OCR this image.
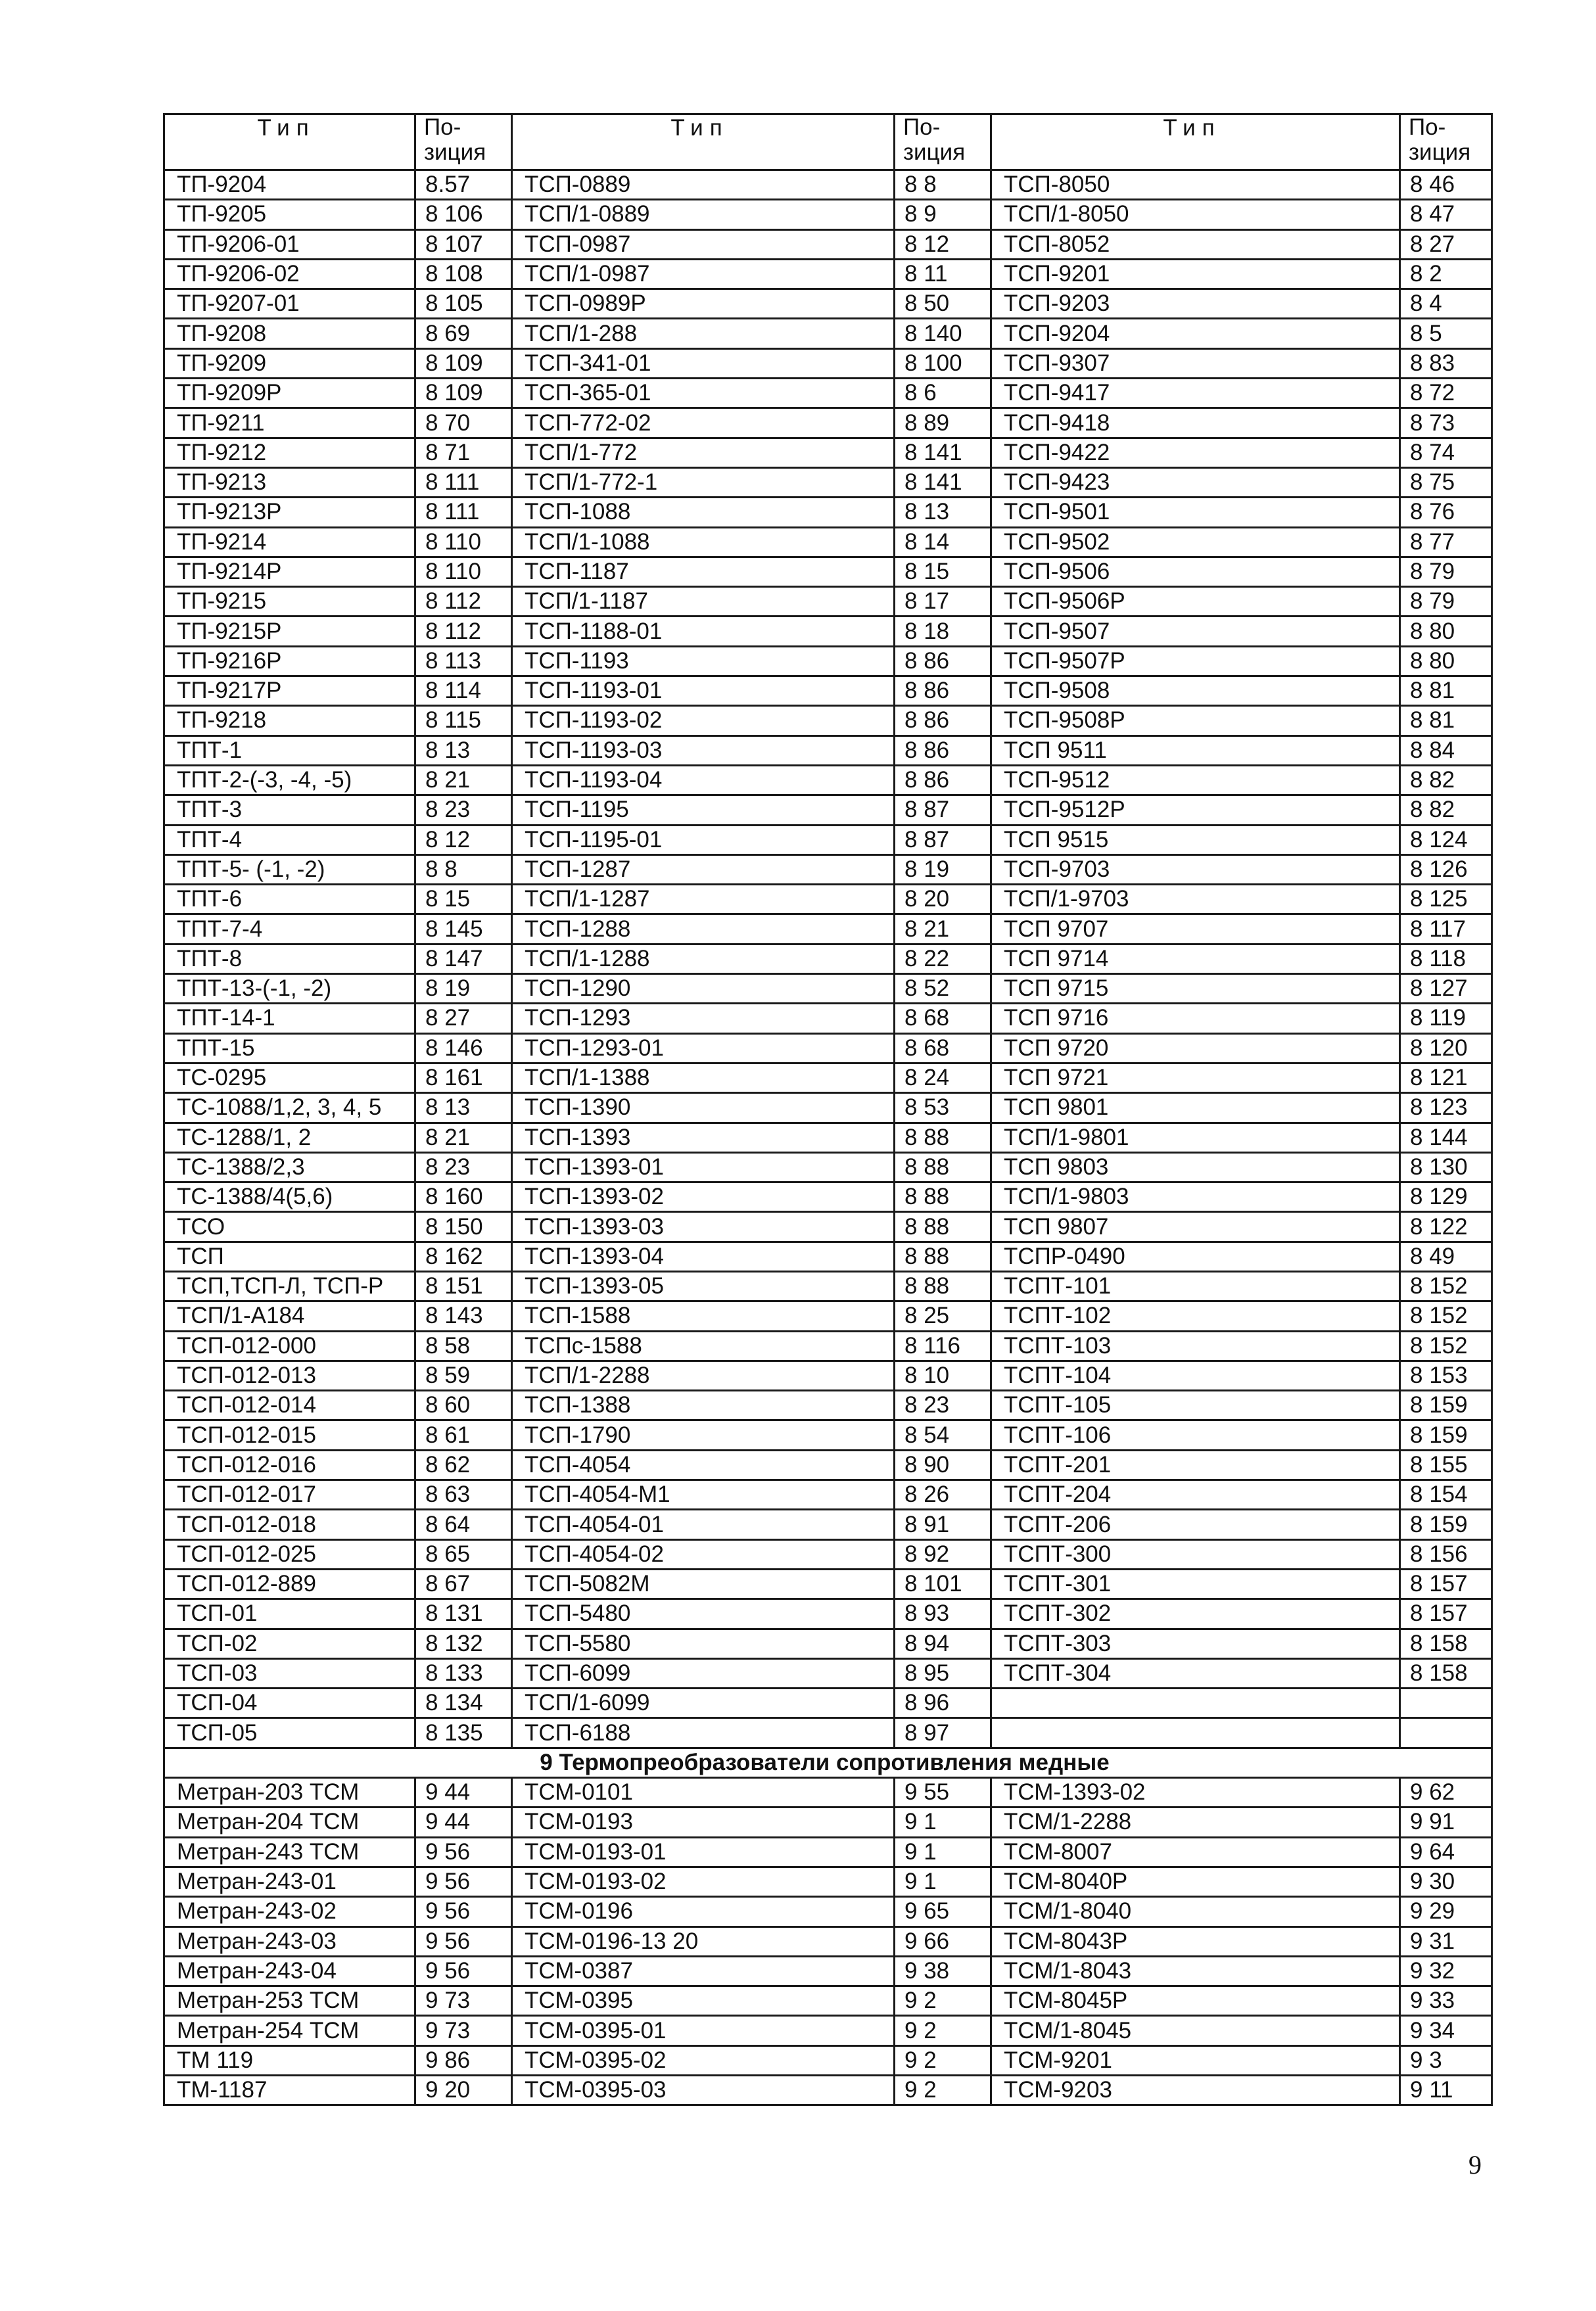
Тип	По-
зиция	Тип	По-
зиция	Тип	По-
зиция

ТП-9204	8.57	ТСП-0889	8 8	ТСП-8050	8 46
ТП-9205	8 106	ТСП/1-0889	8 9	ТСП/1-8050	8 47
ТП-9206-01	8 107	ТСП-0987	8 12	ТСП-8052	8 27
ТП-9206-02	8 108	ТСП/1-0987	8 11	ТСП-9201	8 2
ТП-9207-01	8 105	ТСП-0989Р	8 50	ТСП-9203	8 4
ТП-9208	8 69	ТСП/1-288	8 140	ТСП-9204	8 5
ТП-9209	8 109	ТСП-341-01	8 100	ТСП-9307	8 83
ТП-9209Р	8 109	ТСП-365-01	8 6	ТСП-9417	8 72
ТП-9211	8 70	ТСП-772-02	8 89	ТСП-9418	8 73
ТП-9212	8 71	ТСП/1-772	8 141	ТСП-9422	8 74
ТП-9213	8 111	ТСП/1-772-1	8 141	ТСП-9423	8 75
ТП-9213Р	8 111	ТСП-1088	8 13	ТСП-9501	8 76
ТП-9214	8 110	ТСП/1-1088	8 14	ТСП-9502	8 77
ТП-9214Р	8 110	ТСП-1187	8 15	ТСП-9506	8 79
ТП-9215	8 112	ТСП/1-1187	8 17	ТСП-9506Р	8 79
ТП-9215Р	8 112	ТСП-1188-01	8 18	ТСП-9507	8 80
ТП-9216Р	8 113	ТСП-1193	8 86	ТСП-9507Р	8 80
ТП-9217Р	8 114	ТСП-1193-01	8 86	ТСП-9508	8 81
ТП-9218	8 115	ТСП-1193-02	8 86	ТСП-9508Р	8 81
ТПТ-1	8 13	ТСП-1193-03	8 86	ТСП 9511	8 84
ТПТ-2-(-3, -4, -5)	8 21	ТСП-1193-04	8 86	ТСП-9512	8 82
ТПТ-3	8 23	ТСП-1195	8 87	ТСП-9512Р	8 82
ТПТ-4	8 12	ТСП-1195-01	8 87	ТСП 9515	8 124
ТПТ-5- (-1, -2)	8 8	ТСП-1287	8 19	ТСП-9703	8 126
ТПТ-6	8 15	ТСП/1-1287	8 20	ТСП/1-9703	8 125
ТПТ-7-4	8 145	ТСП-1288	8 21	ТСП 9707	8 117
ТПТ-8	8 147	ТСП/1-1288	8 22	ТСП 9714	8 118
ТПТ-13-(-1, -2)	8 19	ТСП-1290	8 52	ТСП 9715	8 127
ТПТ-14-1	8 27	ТСП-1293	8 68	ТСП 9716	8 119
ТПТ-15	8 146	ТСП-1293-01	8 68	ТСП 9720	8 120
ТС-0295	8 161	ТСП/1-1388	8 24	ТСП 9721	8 121
ТС-1088/1,2, 3, 4, 5	8 13	ТСП-1390	8 53	ТСП 9801	8 123
ТС-1288/1, 2	8 21	ТСП-1393	8 88	ТСП/1-9801	8 144
ТС-1388/2,3	8 23	ТСП-1393-01	8 88	ТСП 9803	8 130
ТС-1388/4(5,6)	8 160	ТСП-1393-02	8 88	ТСП/1-9803	8 129
ТСО	8 150	ТСП-1393-03	8 88	ТСП 9807	8 122
ТСП	8 162	ТСП-1393-04	8 88	ТСПР-0490	8 49
ТСП,ТСП-Л, ТСП-Р	8 151	ТСП-1393-05	8 88	ТСПТ-101	8 152
ТСП/1-А184	8 143	ТСП-1588	8 25	ТСПТ-102	8 152
ТСП-012-000	8 58	ТСПс-1588	8 116	ТСПТ-103	8 152
ТСП-012-013	8 59	ТСП/1-2288	8 10	ТСПТ-104	8 153
ТСП-012-014	8 60	ТСП-1388	8 23	ТСПТ-105	8 159
ТСП-012-015	8 61	ТСП-1790	8 54	ТСПТ-106	8 159
ТСП-012-016	8 62	ТСП-4054	8 90	ТСПТ-201	8 155
ТСП-012-017	8 63	ТСП-4054-М1	8 26	ТСПТ-204	8 154
ТСП-012-018	8 64	ТСП-4054-01	8 91	ТСПТ-206	8 159
ТСП-012-025	8 65	ТСП-4054-02	8 92	ТСПТ-300	8 156
ТСП-012-889	8 67	ТСП-5082М	8 101	ТСПТ-301	8 157
ТСП-01	8 131	ТСП-5480	8 93	ТСПТ-302	8 157
ТСП-02	8 132	ТСП-5580	8 94	ТСПТ-303	8 158
ТСП-03	8 133	ТСП-6099	8 95	ТСПТ-304	8 158
ТСП-04	8 134	ТСП/1-6099	8 96		
ТСП-05	8 135	ТСП-6188	8 97		
9 Термопреобразователи сопротивления медные					
Метран-203 ТСМ	9 44	ТСМ-0101	9 55	ТСМ-1393-02	9 62
Метран-204 ТСМ	9 44	ТСМ-0193	9 1	ТСМ/1-2288	9 91
Метран-243 ТСМ	9 56	ТСМ-0193-01	9 1	ТСМ-8007	9 64
Метран-243-01	9 56	ТСМ-0193-02	9 1	ТСМ-8040Р	9 30
Метран-243-02	9 56	ТСМ-0196	9 65	ТСМ/1-8040	9 29
Метран-243-03	9 56	ТСМ-0196-13 20	9 66	ТСМ-8043Р	9 31
Метран-243-04	9 56	ТСМ-0387	9 38	ТСМ/1-8043	9 32
Метран-253 ТСМ	9 73	ТСМ-0395	9 2	ТСМ-8045Р	9 33
Метран-254 ТСМ	9 73	ТСМ-0395-01	9 2	ТСМ/1-8045	9 34
ТМ 119	9 86	ТСМ-0395-02	9 2	ТСМ-9201	9 3
ТМ-1187	9 20	ТСМ-0395-03	9 2	ТСМ-9203	9 11
9
